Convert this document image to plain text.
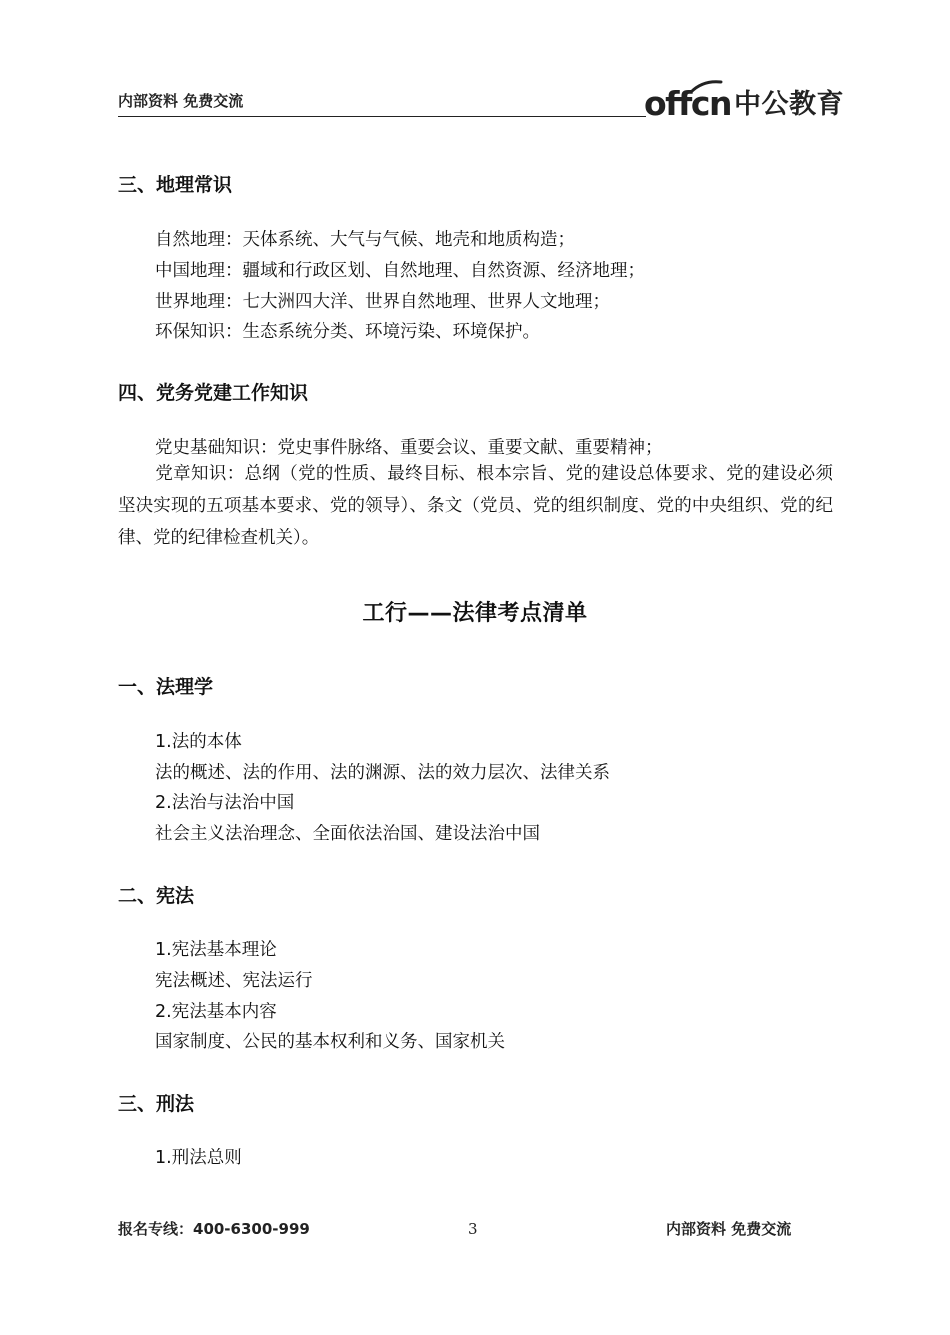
内部资料 免费交流	offcn 中公教育
三、地理常识
自然地理：天体系统、大气与气候、地壳和地质构造；
中国地理：疆域和行政区划、自然地理、自然资源、经济地理；
世界地理：七大洲四大洋、世界自然地理、世界人文地理；
环保知识：生态系统分类、环境污染、环境保护。
四、党务党建工作知识
党史基础知识：党史事件脉络、重要会议、重要文献、重要精神；
党章知识：总纲（党的性质、最终目标、根本宗旨、党的建设总体要求、党的建设必须坚决实现的五项基本要求、党的领导）、条文（党员、党的组织制度、党的中央组织、党的纪律、党的纪律检查机关）。
工行——法律考点清单
一、法理学
1.法的本体
法的概述、法的作用、法的渊源、法的效力层次、法律关系
2.法治与法治中国
社会主义法治理念、全面依法治国、建设法治中国
二、宪法
1.宪法基本理论
宪法概述、宪法运行
2.宪法基本内容
国家制度、公民的基本权利和义务、国家机关
三、刑法
1.刑法总则
报名专线：400-6300-999	3	内部资料 免费交流
